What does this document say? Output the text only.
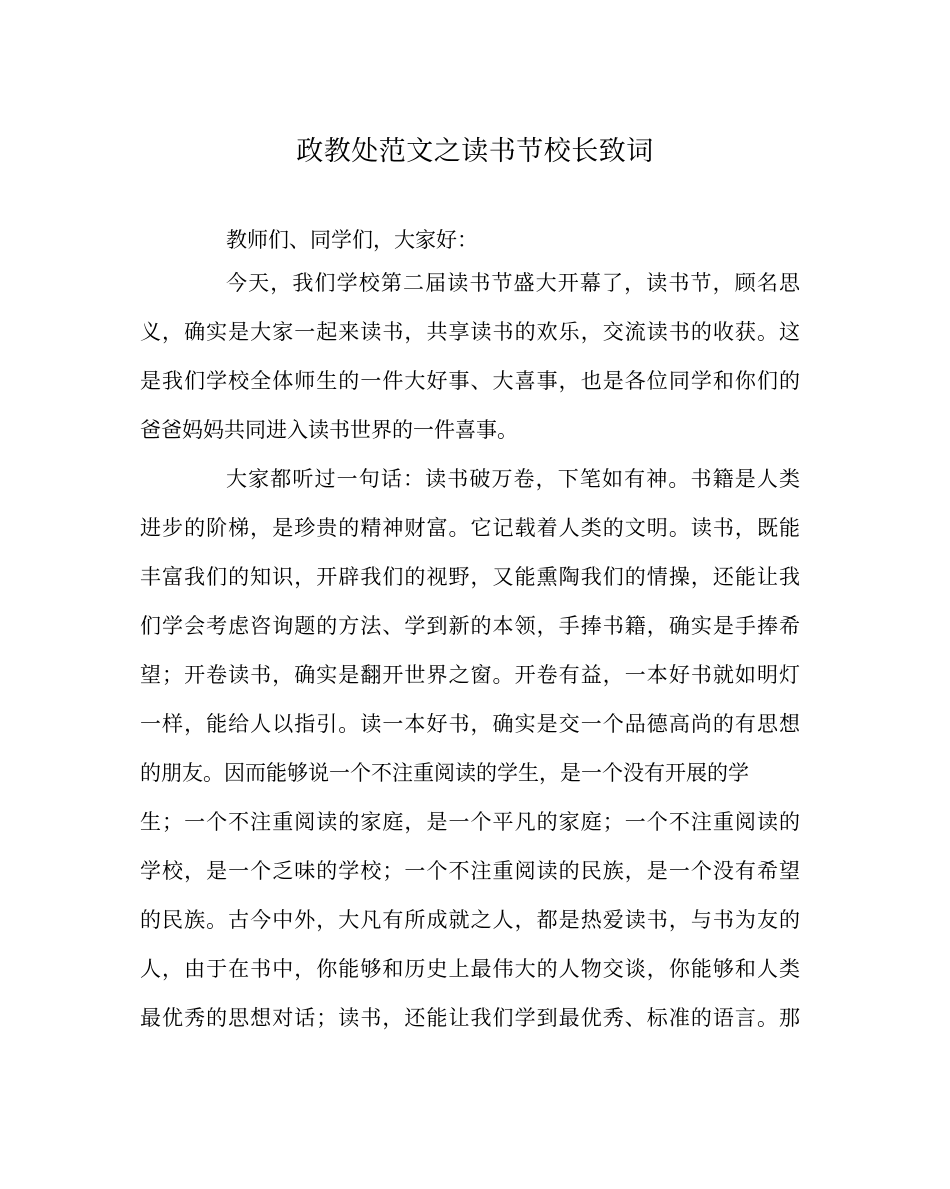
政教处范文之读书节校长致词
教师们、同学们，大家好：
今天，我们学校第二届读书节盛大开幕了，读书节，顾名思
义，确实是大家一起来读书，共享读书的欢乐，交流读书的收获。这
是我们学校全体师生的一件大好事、大喜事，也是各位同学和你们的
爸爸妈妈共同进入读书世界的一件喜事。
大家都听过一句话：读书破万卷，下笔如有神。书籍是人类
进步的阶梯，是珍贵的精神财富。它记载着人类的文明。读书，既能
丰富我们的知识，开辟我们的视野，又能熏陶我们的情操，还能让我
们学会考虑咨询题的方法、学到新的本领，手捧书籍，确实是手捧希
望；开卷读书，确实是翻开世界之窗。开卷有益，一本好书就如明灯
一样，能给人以指引。读一本好书，确实是交一个品德高尚的有思想
的朋友。因而能够说一个不注重阅读的学生，是一个没有开展的学
生；一个不注重阅读的家庭，是一个平凡的家庭；一个不注重阅读的
学校，是一个乏味的学校；一个不注重阅读的民族，是一个没有希望
的民族。古今中外，大凡有所成就之人，都是热爱读书，与书为友的
人，由于在书中，你能够和历史上最伟大的人物交谈，你能够和人类
最优秀的思想对话；读书，还能让我们学到最优秀、标准的语言。那
